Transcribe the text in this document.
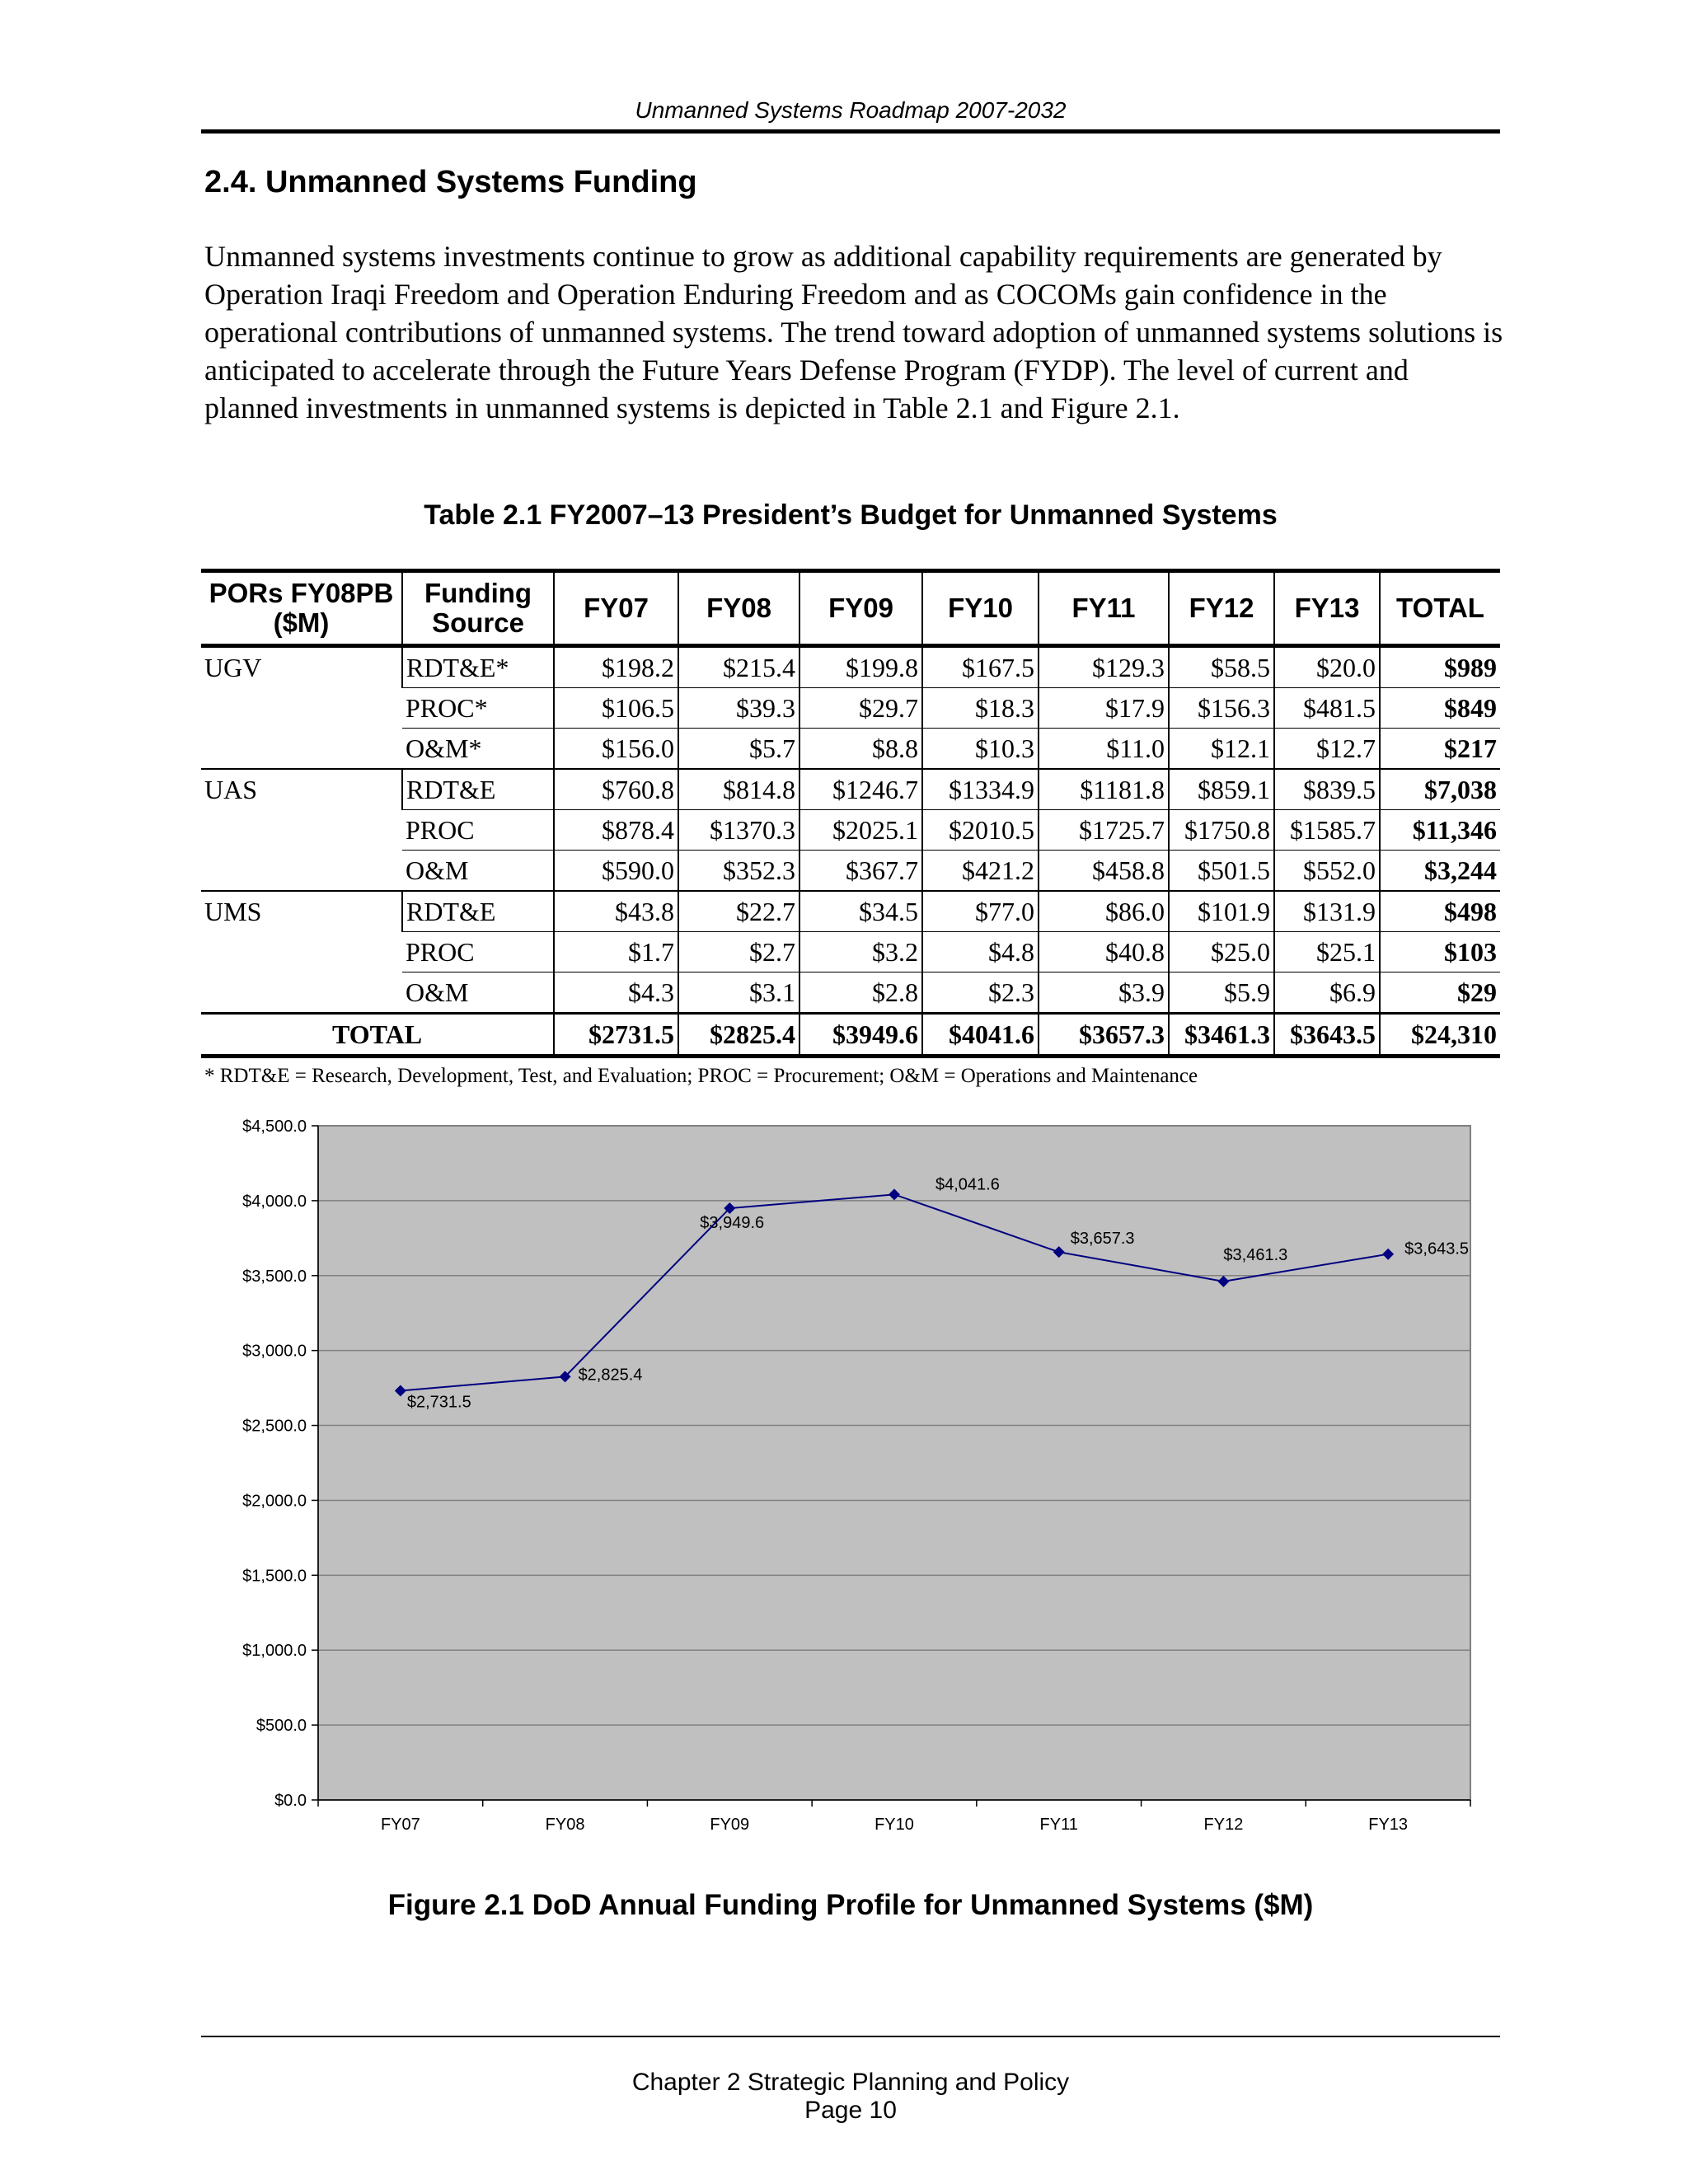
Unmanned Systems Roadmap 2007-2032
2.4. Unmanned Systems Funding

Unmanned systems investments continue to grow as additional capability requirements are generated by Operation Iraqi Freedom and Operation Enduring Freedom and as COCOMs gain confidence in the operational contributions of unmanned systems. The trend toward adoption of unmanned systems solutions is anticipated to accelerate through the Future Years Defense Program (FYDP). The level of current and planned investments in unmanned systems is depicted in Table 2.1 and Figure 2.1.

Table 2.1 FY2007–13 President’s Budget for Unmanned Systems
PORs FY08PB ($M)	Funding Source	FY07	FY08	FY09	FY10	FY11	FY12	FY13	TOTAL
UGV	RDT&E*	$198.2	$215.4	$199.8	$167.5	$129.3	$58.5	$20.0	$989
	PROC*	$106.5	$39.3	$29.7	$18.3	$17.9	$156.3	$481.5	$849
	O&M*	$156.0	$5.7	$8.8	$10.3	$11.0	$12.1	$12.7	$217
UAS	RDT&E	$760.8	$814.8	$1246.7	$1334.9	$1181.8	$859.1	$839.5	$7,038
	PROC	$878.4	$1370.3	$2025.1	$2010.5	$1725.7	$1750.8	$1585.7	$11,346
	O&M	$590.0	$352.3	$367.7	$421.2	$458.8	$501.5	$552.0	$3,244
UMS	RDT&E	$43.8	$22.7	$34.5	$77.0	$86.0	$101.9	$131.9	$498
	PROC	$1.7	$2.7	$3.2	$4.8	$40.8	$25.0	$25.1	$103
	O&M	$4.3	$3.1	$2.8	$2.3	$3.9	$5.9	$6.9	$29
TOTAL		$2731.5	$2825.4	$3949.6	$4041.6	$3657.3	$3461.3	$3643.5	$24,310
* RDT&E = Research, Development, Test, and Evaluation; PROC = Procurement; O&M = Operations and Maintenance
$0.0
$500.0
$1,000.0
$1,500.0
$2,000.0
$2,500.0
$3,000.0
$3,500.0
$4,000.0
$4,500.0
FY07	FY08	FY09	FY10	FY11	FY12	FY13
$2,731.5
$2,825.4
$3,949.6
$4,041.6
$3,657.3
$3,461.3	$3,643.5
Figure 2.1 DoD Annual Funding Profile for Unmanned Systems ($M)
Chapter 2 Strategic Planning and Policy
Page 10
